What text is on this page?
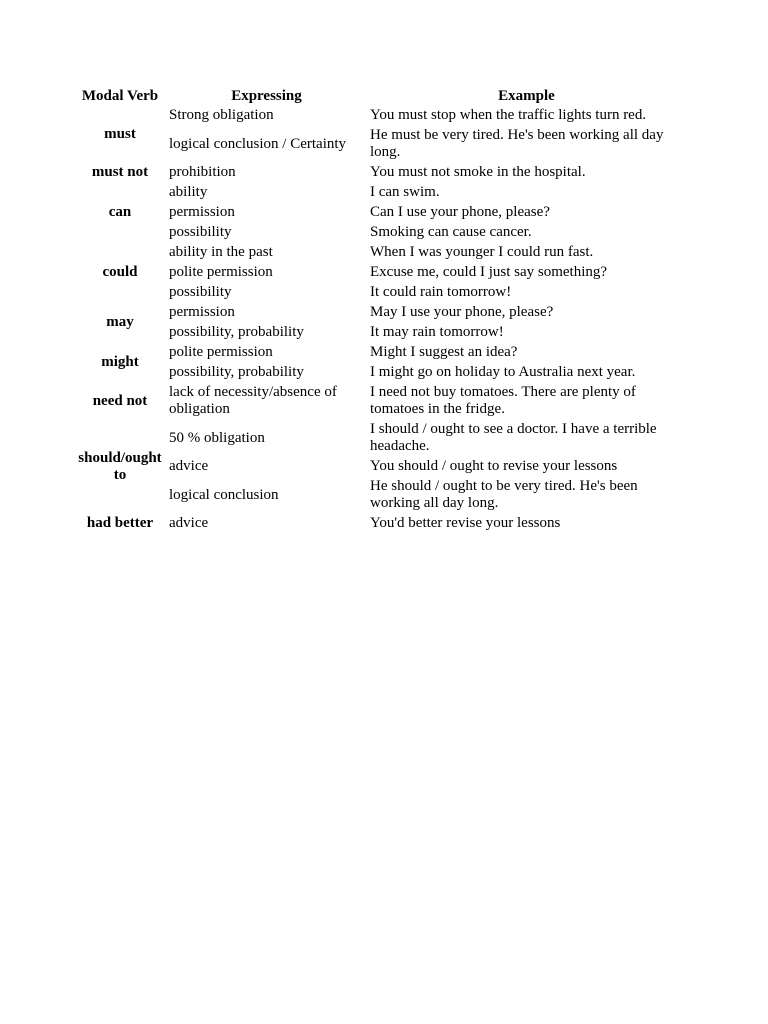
Modal Verb	Expressing	Example
must	Strong obligation	You must stop when the traffic lights turn red.
	logical conclusion / Certainty	He must be very tired. He's been working all day long.
must not	prohibition	You must not smoke in the hospital.
can	ability	I can swim.
	permission	Can I use your phone, please?
	possibility	Smoking can cause cancer.
could	ability in the past	When I was younger I could run fast.
	polite permission	Excuse me, could I just say something?
	possibility	It could rain tomorrow!
may	permission	May I use your phone, please?
	possibility, probability	It may rain tomorrow!
might	polite permission	Might I suggest an idea?
	possibility, probability	I might go on holiday to Australia next year.
need not	lack of necessity/absence of obligation	I need not buy tomatoes. There are plenty of tomatoes in the fridge.
should/ought to	50 % obligation	I should / ought to see a doctor. I have a terrible headache.
	advice	You should / ought to revise your lessons
	logical conclusion	He should / ought to be very tired. He's been working all day long.
had better	advice	You'd better revise your lessons
